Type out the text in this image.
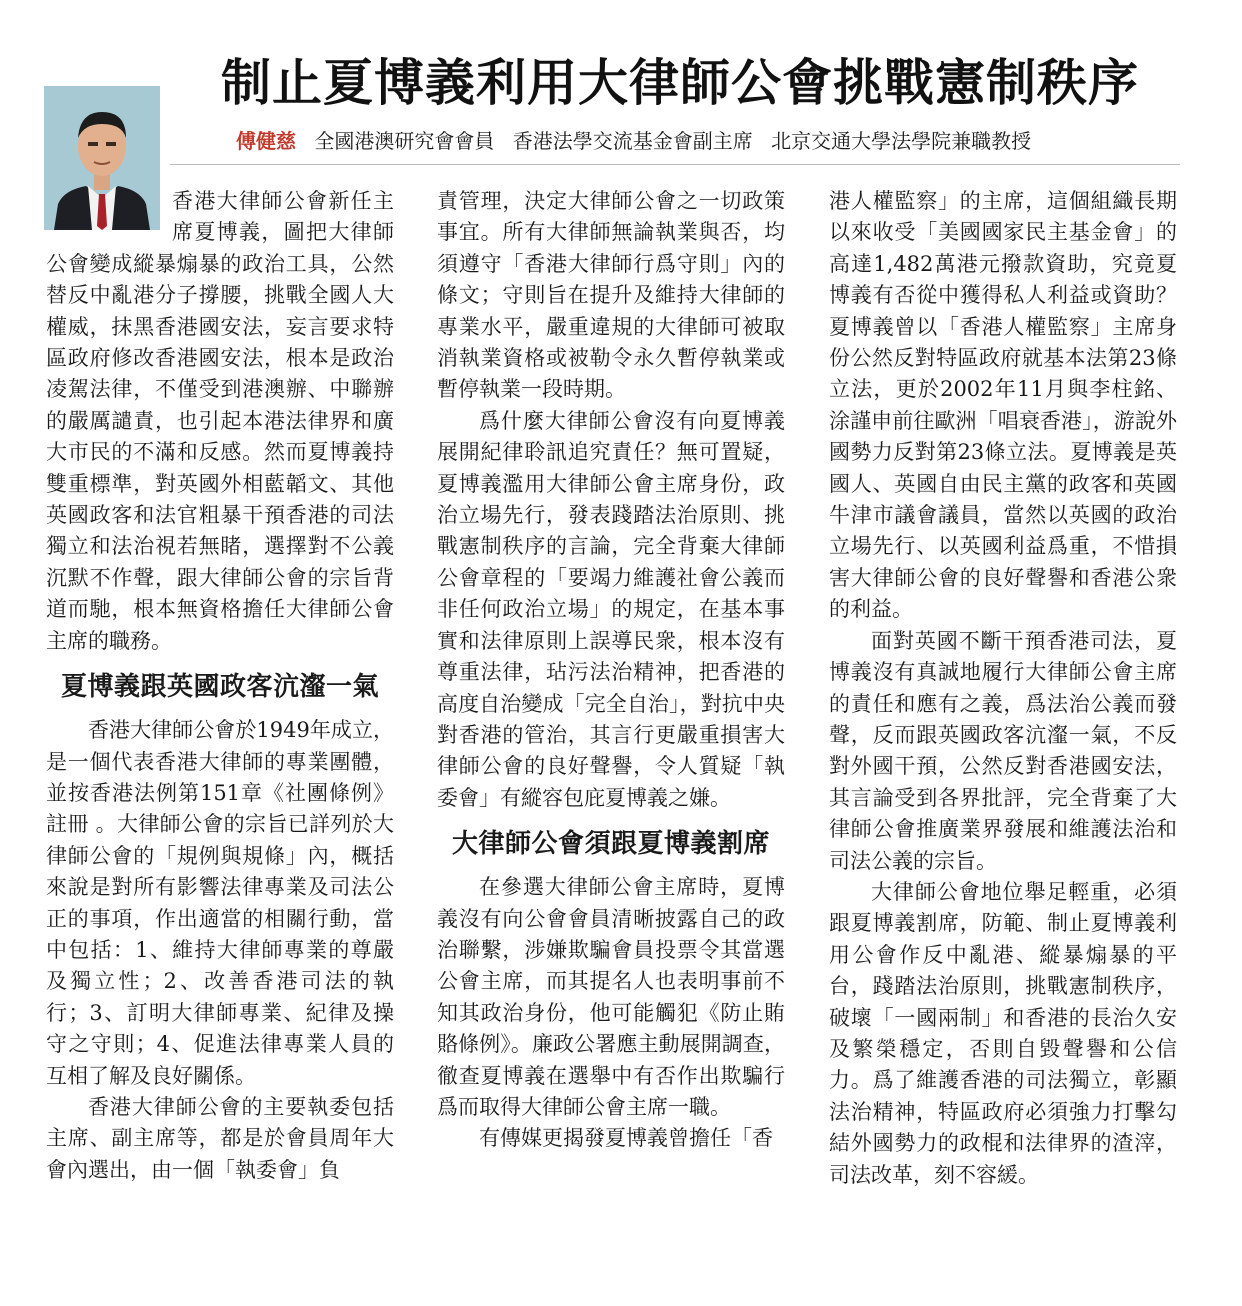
制止夏博義利用大律師公會挑戰憲制秩序
傅健慈 全國港澳研究會會員 香港法學交流基金會副主席 北京交通大學法學院兼職教授

香港大律師公會新任主席夏博義，圖把大律師公會變成縱暴煽暴的政治工具，公然替反中亂港分子撐腰，挑戰全國人大權威，抹黑香港國安法，妄言要求特區政府修改香港國安法，根本是政治凌駕法律，不僅受到港澳辦、中聯辦的嚴厲譴責，也引起本港法律界和廣大市民的不滿和反感。然而夏博義持雙重標準，對英國外相藍韜文、其他英國政客和法官粗暴干預香港的司法獨立和法治視若無睹，選擇對不公義沉默不作聲，跟大律師公會的宗旨背道而馳，根本無資格擔任大律師公會主席的職務。

夏博義跟英國政客沆瀣一氣

香港大律師公會於1949年成立，是一個代表香港大律師的專業團體，並按香港法例第151章《社團條例》註冊 。大律師公會的宗旨已詳列於大律師公會的「規例與規條」內，概括來說是對所有影響法律專業及司法公正的事項，作出適當的相關行動，當中包括：1、維持大律師專業的尊嚴及獨立性；2、改善香港司法的執行；3、訂明大律師專業、紀律及操守之守則；4、促進法律專業人員的互相了解及良好關係。

香港大律師公會的主要執委包括主席、副主席等，都是於會員周年大會內選出，由一個「執委會」負

責管理，決定大律師公會之一切政策事宜。所有大律師無論執業與否，均須遵守「香港大律師行爲守則」內的條文；守則旨在提升及維持大律師的專業水平，嚴重違規的大律師可被取消執業資格或被勒令永久暫停執業或暫停執業一段時期。

爲什麼大律師公會沒有向夏博義展開紀律聆訊追究責任？無可置疑，夏博義濫用大律師公會主席身份，政治立場先行，發表踐踏法治原則、挑戰憲制秩序的言論，完全背棄大律師公會章程的「要竭力維護社會公義而非任何政治立場」的規定，在基本事實和法律原則上誤導民衆，根本沒有尊重法律，玷污法治精神，把香港的高度自治變成「完全自治」，對抗中央對香港的管治，其言行更嚴重損害大律師公會的良好聲譽，令人質疑「執委會」有縱容包庇夏博義之嫌。

大律師公會須跟夏博義割席

在參選大律師公會主席時，夏博義沒有向公會會員清晰披露自己的政治聯繫，涉嫌欺騙會員投票令其當選公會主席，而其提名人也表明事前不知其政治身份，他可能觸犯《防止賄賂條例》。廉政公署應主動展開調查，徹查夏博義在選舉中有否作出欺騙行爲而取得大律師公會主席一職。

有傳媒更揭發夏博義曾擔任「香

港人權監察」的主席，這個組織長期以來收受「美國國家民主基金會」的高達1,482萬港元撥款資助，究竟夏博義有否從中獲得私人利益或資助？ 夏博義曾以「香港人權監察」主席身份公然反對特區政府就基本法第23條立法，更於2002年11月與李柱銘、涂謹申前往歐洲「唱衰香港」，游說外國勢力反對第23條立法。夏博義是英國人、英國自由民主黨的政客和英國牛津市議會議員，當然以英國的政治立場先行、以英國利益爲重，不惜損害大律師公會的良好聲譽和香港公衆的利益。

面對英國不斷干預香港司法，夏博義沒有真誠地履行大律師公會主席的責任和應有之義，爲法治公義而發聲，反而跟英國政客沆瀣一氣，不反對外國干預，公然反對香港國安法，其言論受到各界批評，完全背棄了大律師公會推廣業界發展和維護法治和司法公義的宗旨。

大律師公會地位舉足輕重，必須跟夏博義割席，防範、制止夏博義利用公會作反中亂港、縱暴煽暴的平台，踐踏法治原則，挑戰憲制秩序，破壞「一國兩制」和香港的長治久安及繁榮穩定，否則自毀聲譽和公信力。爲了維護香港的司法獨立，彰顯法治精神，特區政府必須強力打擊勾結外國勢力的政棍和法律界的渣滓，司法改革，刻不容緩。
